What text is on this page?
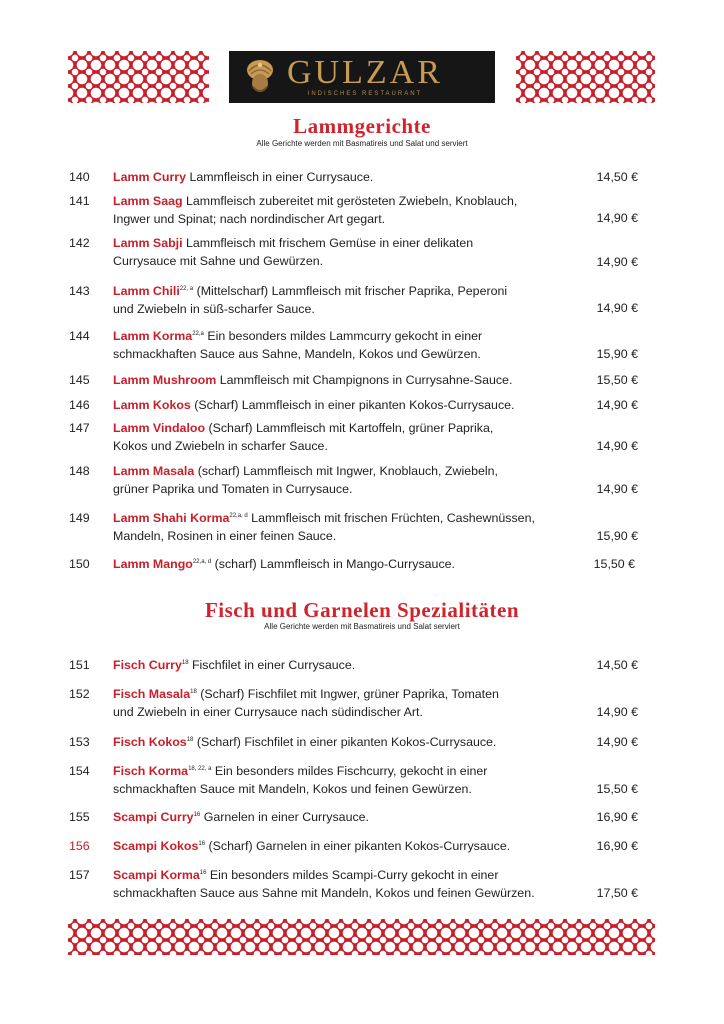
GULZAR
INDISCHES RESTAURANT
Lammgerichte
Alle Gerichte werden mit Basmatireis und Salat und serviert
140 Lamm Curry Lammfleisch in einer Currysauce.	14,50 €
141 Lamm Saag Lammfleisch zubereitet mit gerösteten Zwiebeln, Knoblauch,
Ingwer und Spinat; nach nordindischer Art gegart.	14,90 €
142 Lamm Sabji Lammfleisch mit frischem Gemüse in einer delikaten
Currysauce mit Sahne und Gewürzen.	14,90 €
143 Lamm Chili$^{22, a}$ (Mittelscharf) Lammfleisch mit frischer Paprika, Peperoni
und Zwiebeln in süß-scharfer Sauce.	14,90 €
144 Lamm Korma$^{22,a}$ Ein besonders mildes Lammcurry gekocht in einer
schmackhaften Sauce aus Sahne, Mandeln, Kokos und Gewürzen.	15,90 €
145 Lamm Mushroom Lammfleisch mit Champignons in Currysahne-Sauce.	15,50 €
146 Lamm Kokos (Scharf) Lammfleisch in einer pikanten Kokos-Currysauce.	14,90 €
147 Lamm Vindaloo (Scharf) Lammfleisch mit Kartoffeln, grüner Paprika,
Kokos und Zwiebeln in scharfer Sauce.	14,90 €
148 Lamm Masala (scharf) Lammfleisch mit Ingwer, Knoblauch, Zwiebeln,
grüner Paprika und Tomaten in Currysauce.	14,90 €
149 Lamm Shahi Korma$^{22,a, d}$ Lammfleisch mit frischen Früchten, Cashewnüssen,
Mandeln, Rosinen in einer feinen Sauce.	15,90 €
150 Lamm Mango$^{22,a, d}$ (scharf) Lammfleisch in Mango-Currysauce.	15,50 €
Fisch und Garnelen Spezialitäten
Alle Gerichte werden mit Basmatireis und Salat serviert
151 Fisch Curry$^{18}$ Fischfilet in einer Currysauce.	14,50 €
152 Fisch Masala$^{18}$ (Scharf) Fischfilet mit Ingwer, grüner Paprika, Tomaten
und Zwiebeln in einer Currysauce nach südindischer Art.	14,90 €
153 Fisch Kokos$^{18}$ (Scharf) Fischfilet in einer pikanten Kokos-Currysauce.	14,90 €
154 Fisch Korma$^{18, 22, a}$ Ein besonders mildes Fischcurry, gekocht in einer
schmackhaften Sauce mit Mandeln, Kokos und feinen Gewürzen.	15,50 €
155 Scampi Curry$^{16}$ Garnelen in einer Currysauce.	16,90 €
156 Scampi Kokos$^{16}$ (Scharf) Garnelen in einer pikanten Kokos-Currysauce.	16,90 €
157 Scampi Korma$^{16}$ Ein besonders mildes Scampi-Curry gekocht in einer
schmackhaften Sauce aus Sahne mit Mandeln, Kokos und feinen Gewürzen.	17,50 €
